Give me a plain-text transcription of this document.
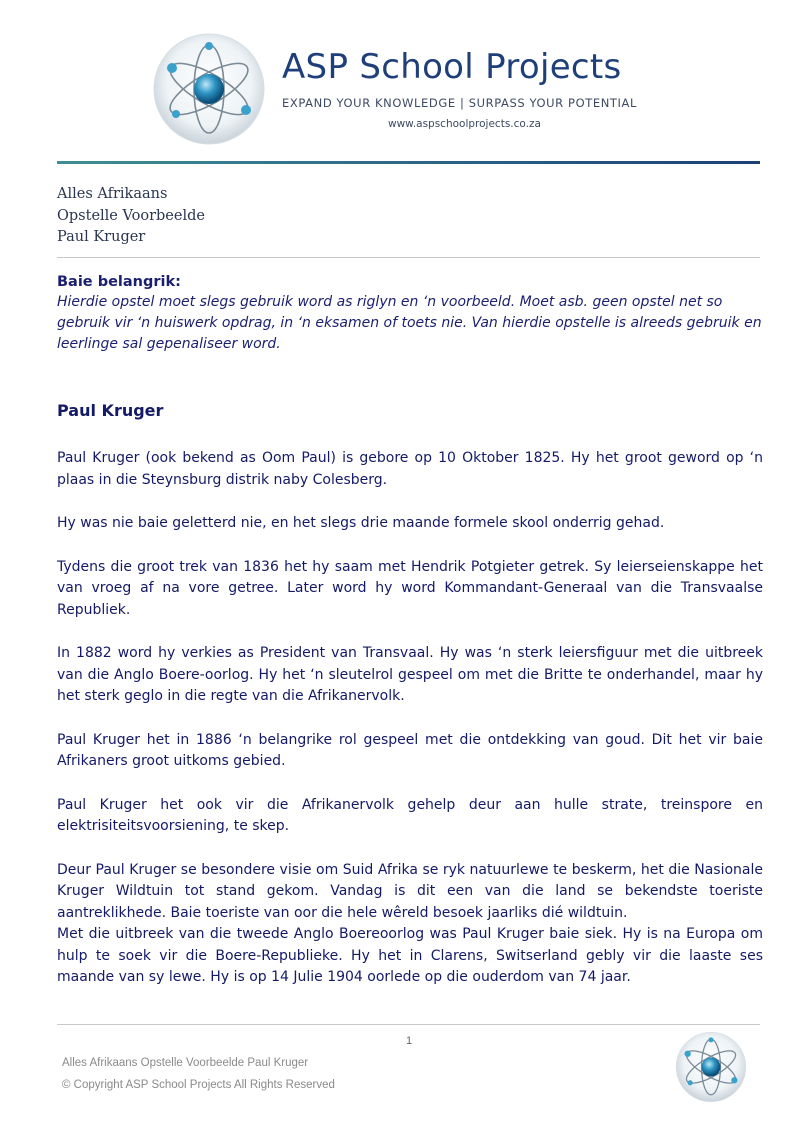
ASP School Projects
EXPAND YOUR KNOWLEDGE | SURPASS YOUR POTENTIAL
www.aspschoolprojects.co.za
Alles Afrikaans
Opstelle Voorbeelde
Paul Kruger
Baie belangrik:
Hierdie opstel moet slegs gebruik word as riglyn en ‘n voorbeeld. Moet asb. geen opstel net so gebruik vir ‘n huiswerk opdrag, in ‘n eksamen of toets nie. Van hierdie opstelle is alreeds gebruik en leerlinge sal gepenaliseer word.
Paul Kruger

Paul Kruger (ook bekend as Oom Paul) is gebore op 10 Oktober 1825. Hy het groot geword op ‘n plaas in die Steynsburg distrik naby Colesberg.

Hy was nie baie geletterd nie, en het slegs drie maande formele skool onderrig gehad.

Tydens die groot trek van 1836 het hy saam met Hendrik Potgieter getrek. Sy leierseienskappe het van vroeg af na vore getree. Later word hy word Kommandant-Generaal van die Transvaalse Republiek.

In 1882 word hy verkies as President van Transvaal. Hy was ‘n sterk leiersfiguur met die uitbreek van die Anglo Boere-oorlog. Hy het ‘n sleutelrol gespeel om met die Britte te onderhandel, maar hy het sterk geglo in die regte van die Afrikanervolk.

Paul Kruger het in 1886 ‘n belangrike rol gespeel met die ontdekking van goud. Dit het vir baie Afrikaners groot uitkoms gebied.

Paul Kruger het ook vir die Afrikanervolk gehelp deur aan hulle strate, treinspore en elektrisiteitsvoorsiening, te skep.

Deur Paul Kruger se besondere visie om Suid Afrika se ryk natuurlewe te beskerm, het die Nasionale Kruger Wildtuin tot stand gekom. Vandag is dit een van die land se bekendste toeriste aantreklikhede. Baie toeriste van oor die hele wêreld besoek jaarliks dié wildtuin.

Met die uitbreek van die tweede Anglo Boereoorlog was Paul Kruger baie siek. Hy is na Europa om hulp te soek vir die Boere-Republieke. Hy het in Clarens, Switserland gebly vir die laaste ses maande van sy lewe. Hy is op 14 Julie 1904 oorlede op die ouderdom van 74 jaar.

1
Alles Afrikaans Opstelle Voorbeelde Paul Kruger
© Copyright ASP School Projects All Rights Reserved
